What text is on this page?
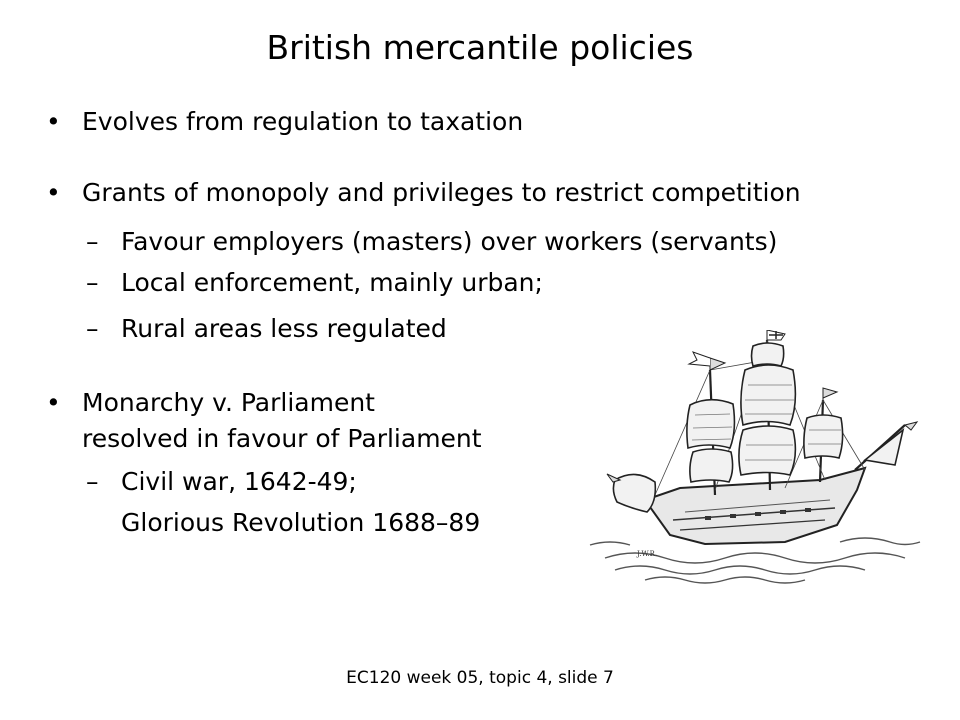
British mercantile policies
• Evolves from regulation to taxation
• Grants of monopoly and privileges to restrict competition
– Favour employers (masters) over workers (servants)
– Local enforcement, mainly urban;
– Rural areas less regulated
• Monarchy v. Parliament
resolved in favour of Parliament
– Civil war, 1642-49;
Glorious Revolution 1688–89
J.W.R.
EC120 week 05, topic 4, slide 7
